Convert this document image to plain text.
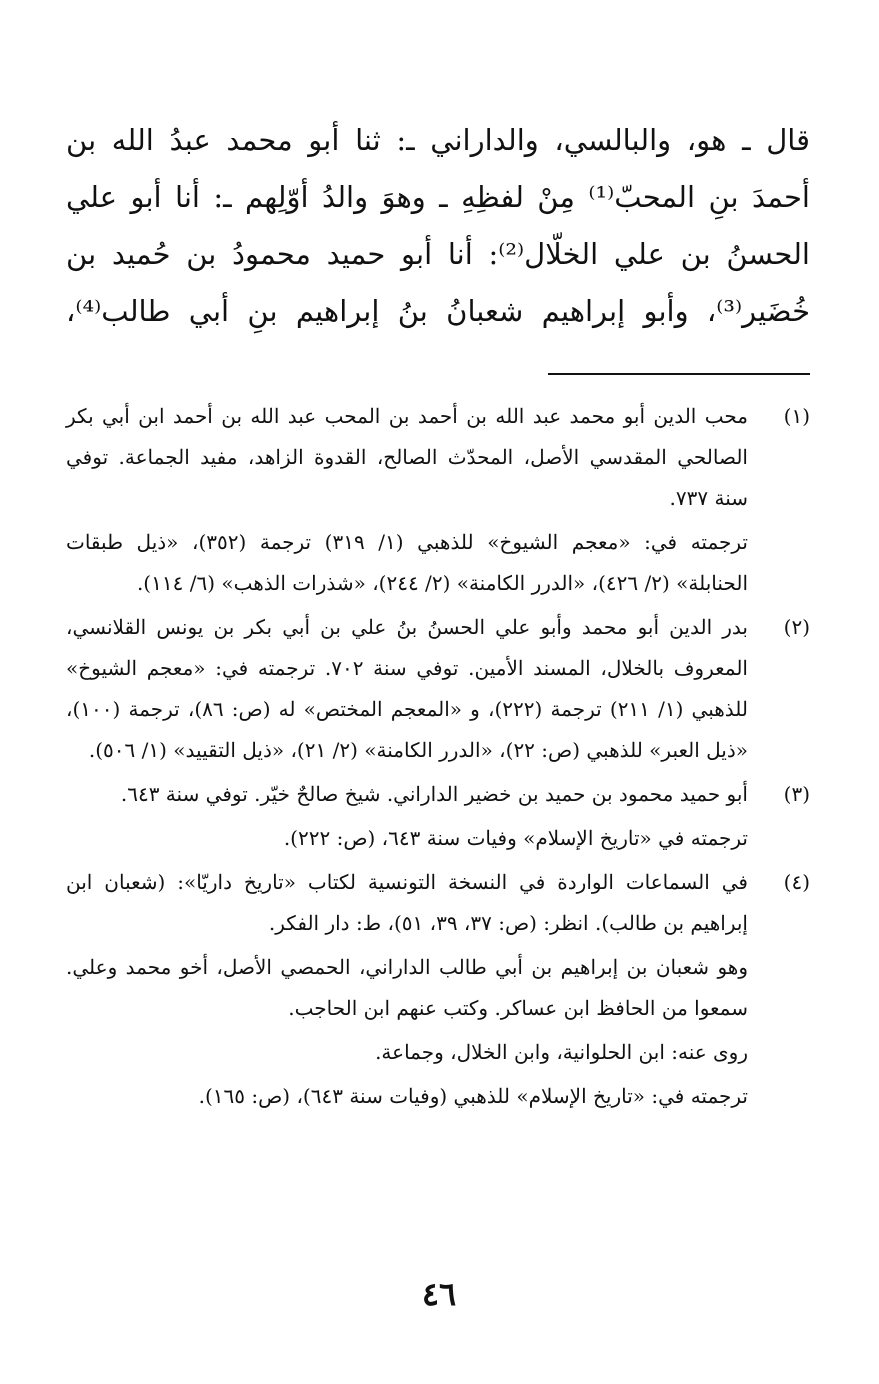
قال ـ هو، والبالسي، والداراني ـ: ثنا أبو محمد عبدُ الله بن
أحمدَ بنِ المحبّ⁽¹⁾ مِنْ لفظِهِ ـ وهوَ والدُ أوّلِهم ـ: أنا أبو علي
الحسنُ بن علي الخلّال⁽²⁾: أنا أبو حميد محمودُ بن حُميد بن
خُضَير⁽³⁾، وأبو إبراهيم شعبانُ بنُ إبراهيم بنِ أبي طالب⁽⁴⁾،
(١)

محب الدين أبو محمد عبد الله بن أحمد بن المحب عبد الله بن أحمد ابن أبي بكر الصالحي المقدسي الأصل، المحدّث الصالح، القدوة الزاهد، مفيد الجماعة. توفي سنة ٧٣٧.

ترجمته في: «معجم الشيوخ» للذهبي (١/ ٣١٩) ترجمة (٣٥٢)، «ذيل طبقات الحنابلة» (٢/ ٤٢٦)، «الدرر الكامنة» (٢/ ٢٤٤)، «شذرات الذهب» (٦/ ١١٤).

(٢)

بدر الدين أبو محمد وأبو علي الحسنُ بنُ علي بن أبي بكر بن يونس القلانسي، المعروف بالخلال، المسند الأمين. توفي سنة ٧٠٢. ترجمته في: «معجم الشيوخ» للذهبي (١/ ٢١١) ترجمة (٢٢٢)، و «المعجم المختص» له (ص: ٨٦)، ترجمة (١٠٠)، «ذيل العبر» للذهبي (ص: ٢٢)، «الدرر الكامنة» (٢/ ٢١)، «ذيل التقييد» (١/ ٥٠٦).

(٣)

أبو حميد محمود بن حميد بن خضير الداراني. شيخ صالحٌ خيّر. توفي سنة ٦٤٣.

ترجمته في «تاريخ الإسلام» وفيات سنة ٦٤٣، (ص: ٢٢٢).

(٤)

في السماعات الواردة في النسخة التونسية لكتاب «تاريخ داريّا»: (شعبان ابن إبراهيم بن طالب). انظر: (ص: ٣٧، ٣٩، ٥١)، ط: دار الفكر.

وهو شعبان بن إبراهيم بن أبي طالب الداراني، الحمصي الأصل، أخو محمد وعلي. سمعوا من الحافظ ابن عساكر. وكتب عنهم ابن الحاجب.

روى عنه: ابن الحلوانية، وابن الخلال، وجماعة.

ترجمته في: «تاريخ الإسلام» للذهبي (وفيات سنة ٦٤٣)، (ص: ١٦٥).

٤٦
